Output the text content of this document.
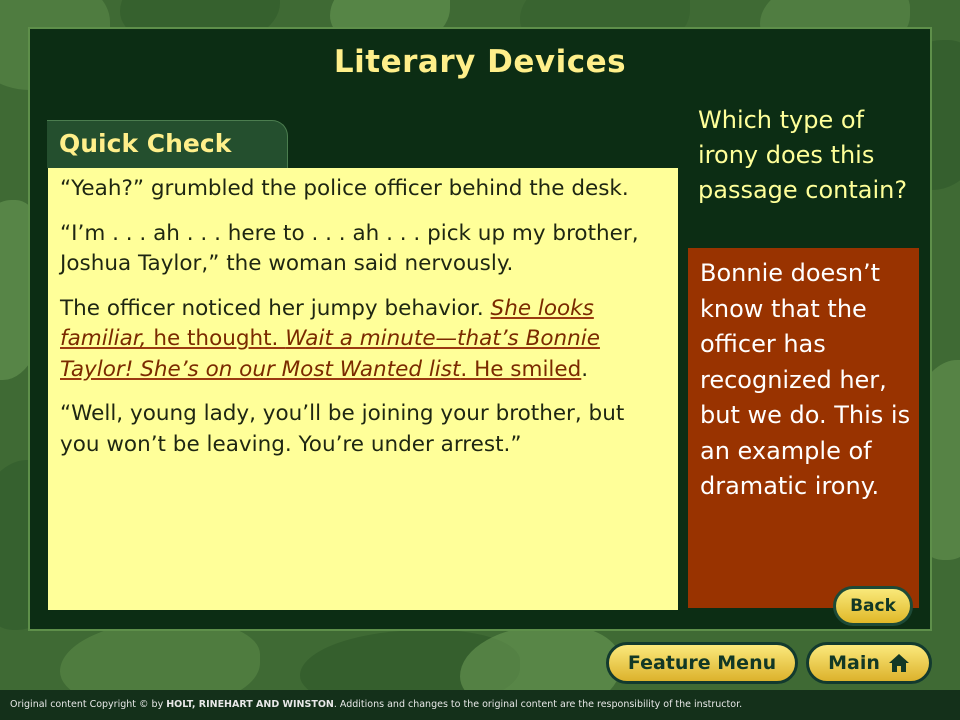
Literary Devices
Quick Check

“Yeah?” grumbled the police officer behind the desk.

“I’m . . . ah . . . here to . . . ah . . . pick up my brother, Joshua Taylor,” the woman said nervously.

The officer noticed her jumpy behavior. She looks familiar, he thought. Wait a minute—that’s Bonnie Taylor! She’s on our Most Wanted list. He smiled.

“Well, young lady, you’ll be joining your brother, but you won’t be leaving. You’re under arrest.”

Which type of irony does this passage contain?
Bonnie doesn’t know that the officer has recognized her, but we do. This is an example of dramatic irony.
Back
Feature Menu	Main
Original content Copyright © by HOLT, RINEHART AND WINSTON. Additions and changes to the original content are the responsibility of the instructor.
